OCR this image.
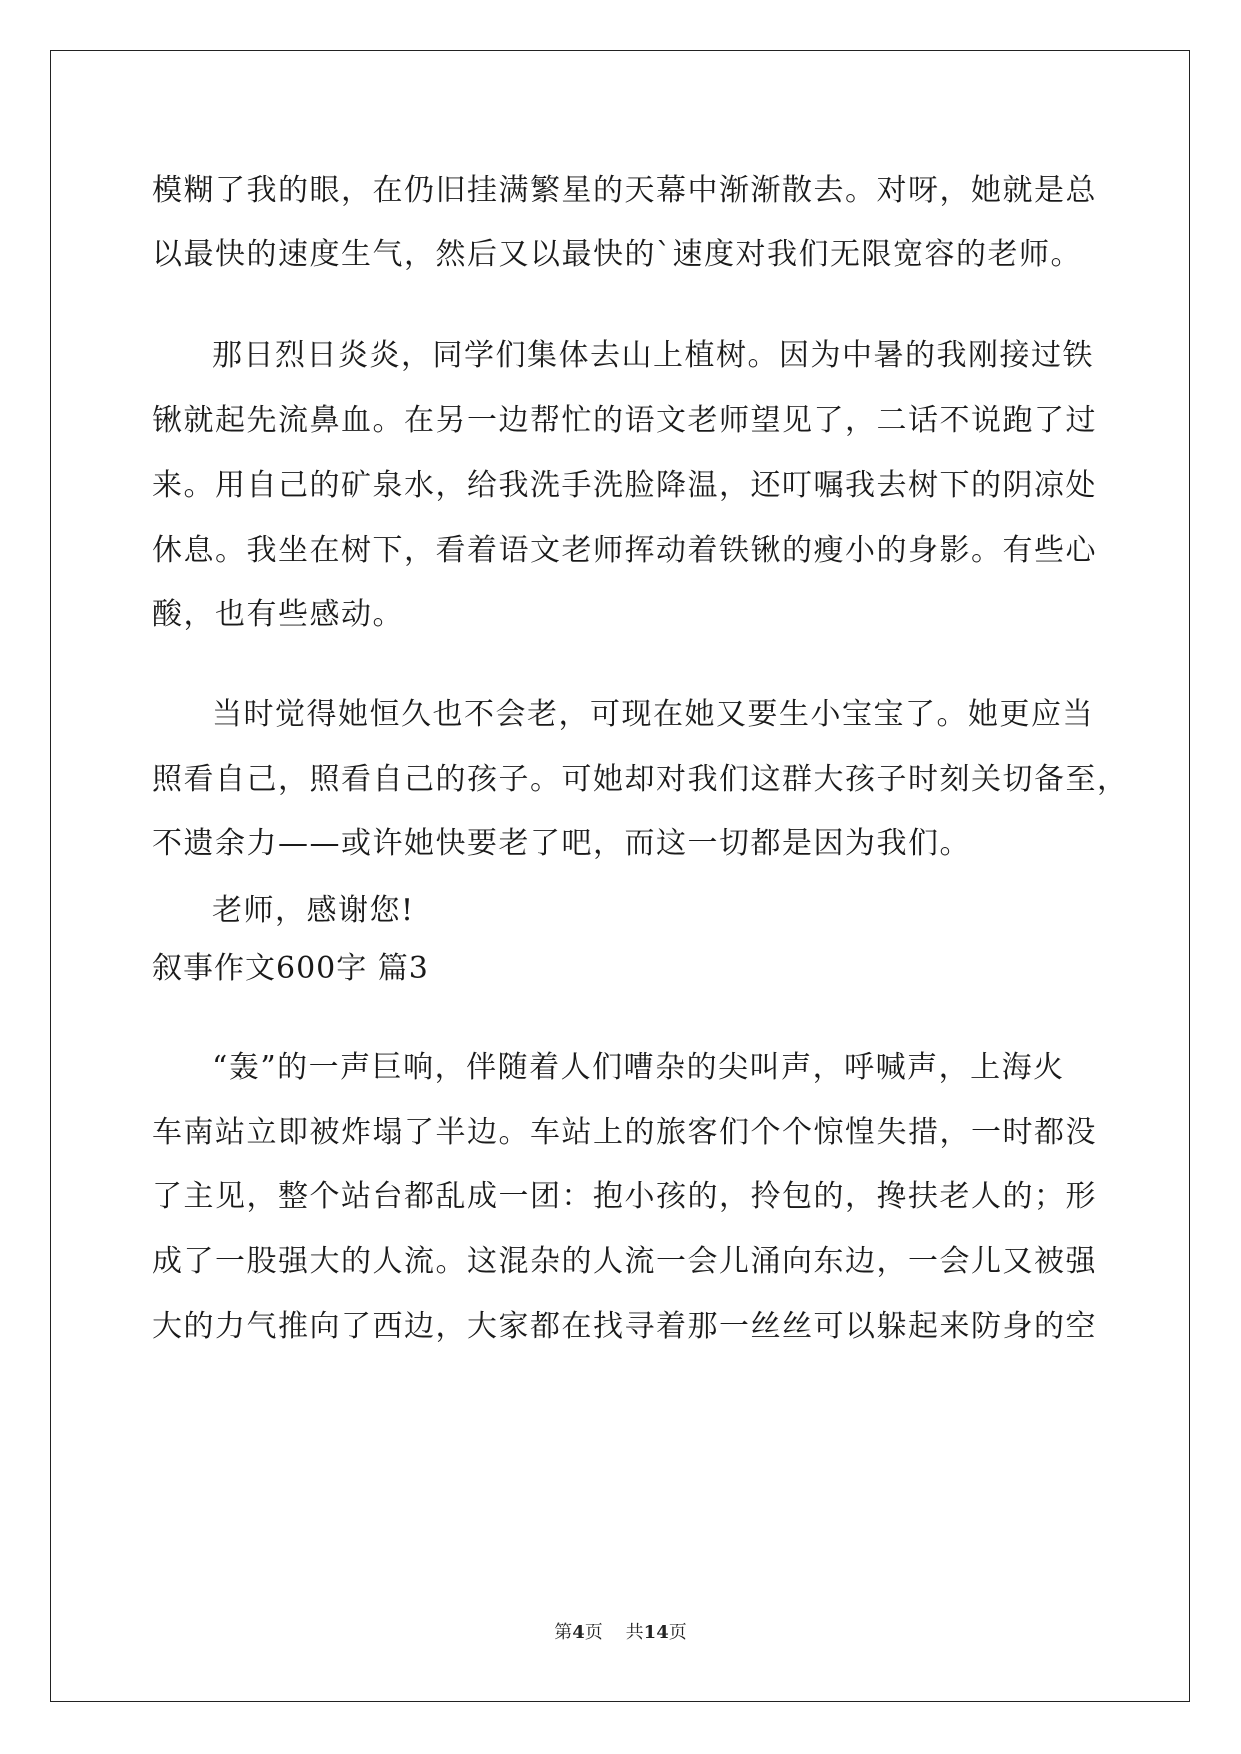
模糊了我的眼，在仍旧挂满繁星的天幕中渐渐散去。对呀，她就是总
以最快的速度生气，然后又以最快的`速度对我们无限宽容的老师。
那日烈日炎炎，同学们集体去山上植树。因为中暑的我刚接过铁
锹就起先流鼻血。在另一边帮忙的语文老师望见了，二话不说跑了过
来。用自己的矿泉水，给我洗手洗脸降温，还叮嘱我去树下的阴凉处
休息。我坐在树下，看着语文老师挥动着铁锹的瘦小的身影。有些心
酸，也有些感动。
当时觉得她恒久也不会老，可现在她又要生小宝宝了。她更应当
照看自己，照看自己的孩子。可她却对我们这群大孩子时刻关切备至，
不遗余力——或许她快要老了吧，而这一切都是因为我们。
老师，感谢您!
叙事作文600字 篇3
“轰”的一声巨响，伴随着人们嘈杂的尖叫声，呼喊声，上海火
车南站立即被炸塌了半边。车站上的旅客们个个惊惶失措，一时都没
了主见，整个站台都乱成一团：抱小孩的，拎包的，搀扶老人的；形
成了一股强大的人流。这混杂的人流一会儿涌向东边，一会儿又被强
大的力气推向了西边，大家都在找寻着那一丝丝可以躲起来防身的空
第4页 共14页
